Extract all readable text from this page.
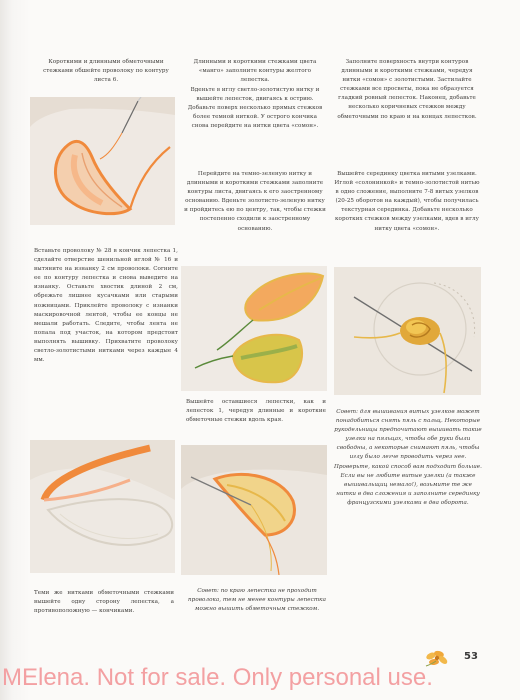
Короткими и длинными обметочными стежками обшейте проволоку по контуру листа 6.
Вставьте проволоку № 28 в кончик лепестка 1, сделайте отверстие шенильной иглой № 16 и вытяните на изнанку 2 см проволоки. Согните ее по контуру лепестка и снова выведите на изнанку. Оставьте хвостик длиной 2 см, обрежьте лишнее кусачками или старыми ножницами. Приклейте проволоку с изнанки маскировочной лентой, чтобы ее концы не мешали работать. Следите, чтобы лента не попала под участок, на котором предстоит выполнять вышивку. Прихватите проволоку светло-золотистыми нитками через каждые 4 мм.
Теми же нитками обметочными стежками вышейте одну сторону лепестка, а противоположную — кончиками.
Длинными и короткими стежками цвета «манго» заполните контуры желтого лепестка.
Вденьте в иглу светло-золотистую нитку и вышейте лепесток, двигаясь к острию. Добавьте поверх несколько прямых стежков более темной ниткой. У острого кончика снова перейдите на нитки цвета «сомон».
Перейдите на темно-зеленую нитку и длинными и короткими стежками заполните контуры листа, двигаясь к его заостренному основанию. Вденьте золотисто-зеленую нитку и пройдитесь ею по центру, так, чтобы стежки постепенно сходили к заостренному основанию.
Вышейте оставшиеся лепестки, как и лепесток 1, чередуя длинные и короткие обметочные стежки вдоль края.
Совет: по краю лепестка не проходит проволока, тем не менее контуры лепестка можно вышить обметочным стежком.
Заполните поверхность внутри контуров длинными и короткими стежками, чередуя нитки «сомон» с золотистыми. Застилайте стежками все просветы, пока не образуется гладкий ровный лепесток. Наконец, добавьте несколько коричневых стежков между обметочными по краю и на концах лепестков.
Вышейте серединку цветка витыми узелками. Иглой «солонинкой» и темно-золотистой нитью в одно сложение, выполните 7-8 витых узелков (20-25 оборотов на каждый), чтобы получилась текстурная серединка. Добавьте несколько коротких стежков между узелками, вдев в иглу нитку цвета «сомон».
Совет: для вышивания витых узелков может понадобиться снять пяль с пальц. Некоторые рукодельницы предпочитают вышивать такие узелки на пяльцах, чтобы обе руки были свободны, а некоторые снимают пяль, чтобы иглу было легче проводить через нее. Проверьте, какой способ вам подходит больше. Если вы не любите витые узелки (а также вышивальщиц немало!), возьмите те же нитки в два сложения и заполните серединку французскими узелками в два оборота.
53
MElena. Not for sale. Only personal use.
